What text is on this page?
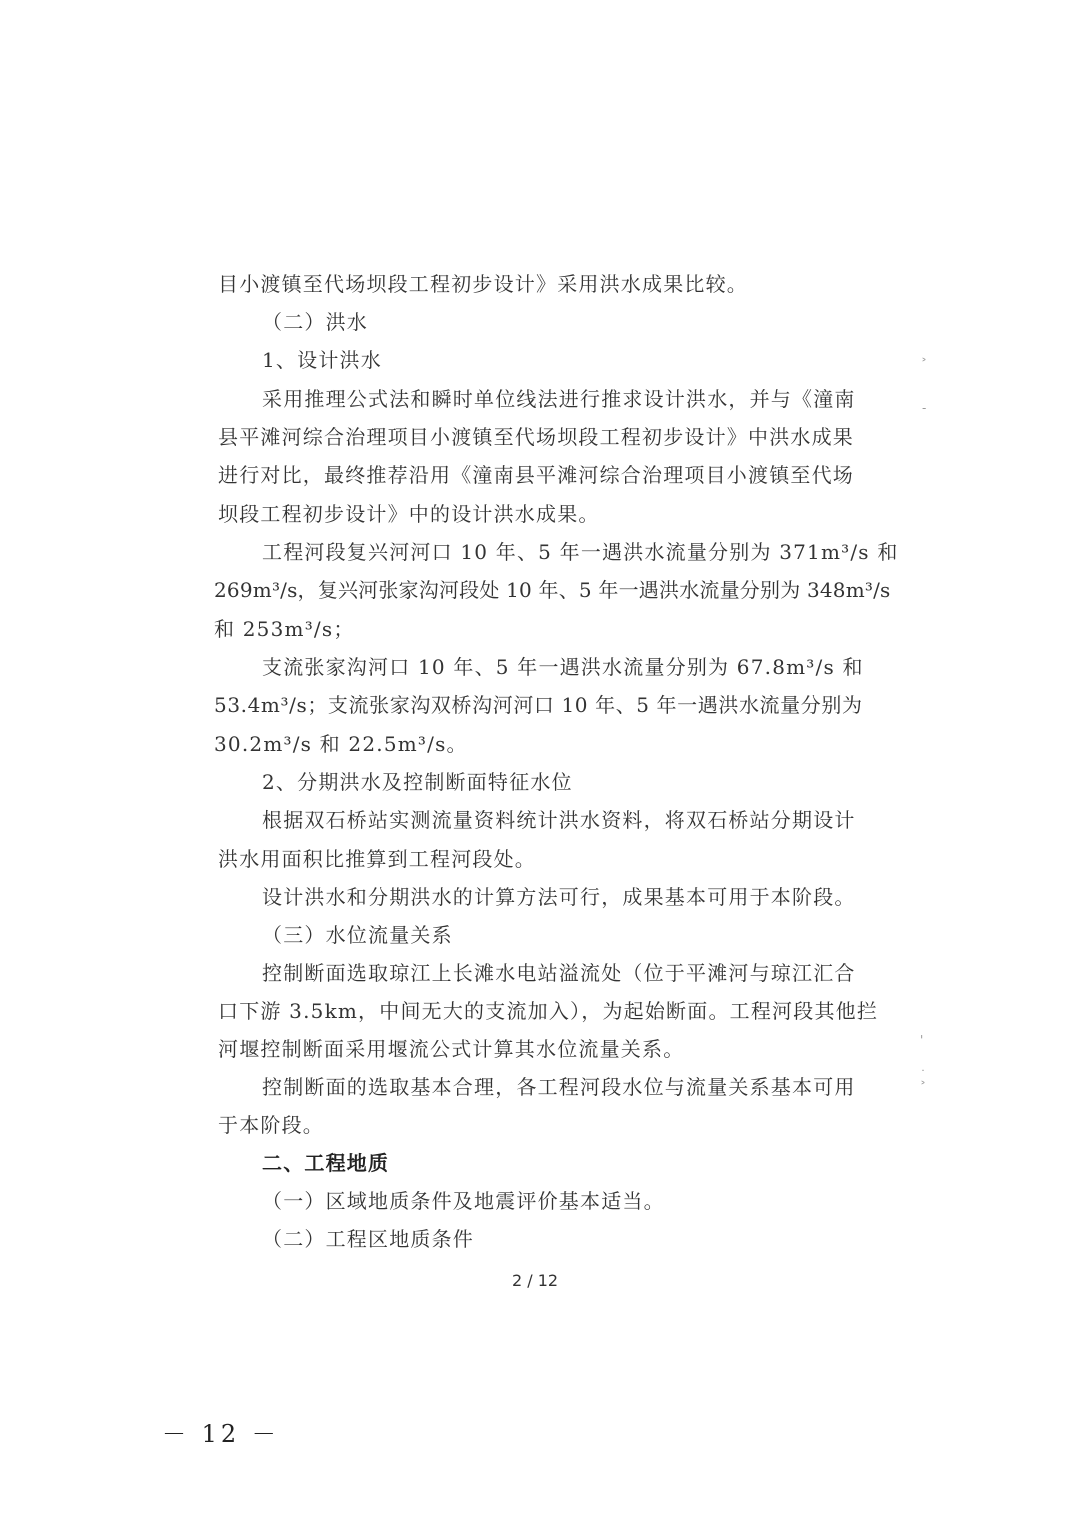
目小渡镇至代场坝段工程初步设计》采用洪水成果比较。
（二）洪水
1、设计洪水
采用推理公式法和瞬时单位线法进行推求设计洪水，并与《潼南
县平滩河综合治理项目小渡镇至代场坝段工程初步设计》中洪水成果
进行对比，最终推荐沿用《潼南县平滩河综合治理项目小渡镇至代场
坝段工程初步设计》中的设计洪水成果。
工程河段复兴河河口 10 年、5 年一遇洪水流量分别为 371m³/s 和
269m³/s，复兴河张家沟河段处 10 年、5 年一遇洪水流量分别为 348m³/s
和 253m³/s；
支流张家沟河口 10 年、5 年一遇洪水流量分别为 67.8m³/s 和
53.4m³/s；支流张家沟双桥沟河河口 10 年、5 年一遇洪水流量分别为
30.2m³/s 和 22.5m³/s。
2、分期洪水及控制断面特征水位
根据双石桥站实测流量资料统计洪水资料，将双石桥站分期设计
洪水用面积比推算到工程河段处。
设计洪水和分期洪水的计算方法可行，成果基本可用于本阶段。
（三）水位流量关系
控制断面选取琼江上长滩水电站溢流处（位于平滩河与琼江汇合
口下游 3.5km，中间无大的支流加入），为起始断面。工程河段其他拦
河堰控制断面采用堰流公式计算其水位流量关系。
控制断面的选取基本合理，各工程河段水位与流量关系基本可用
于本阶段。
二、工程地质
（一）区域地质条件及地震评价基本适当。
（二）工程区地质条件
2 / 12
－ 12 －
˃
-
'
˙
˃
